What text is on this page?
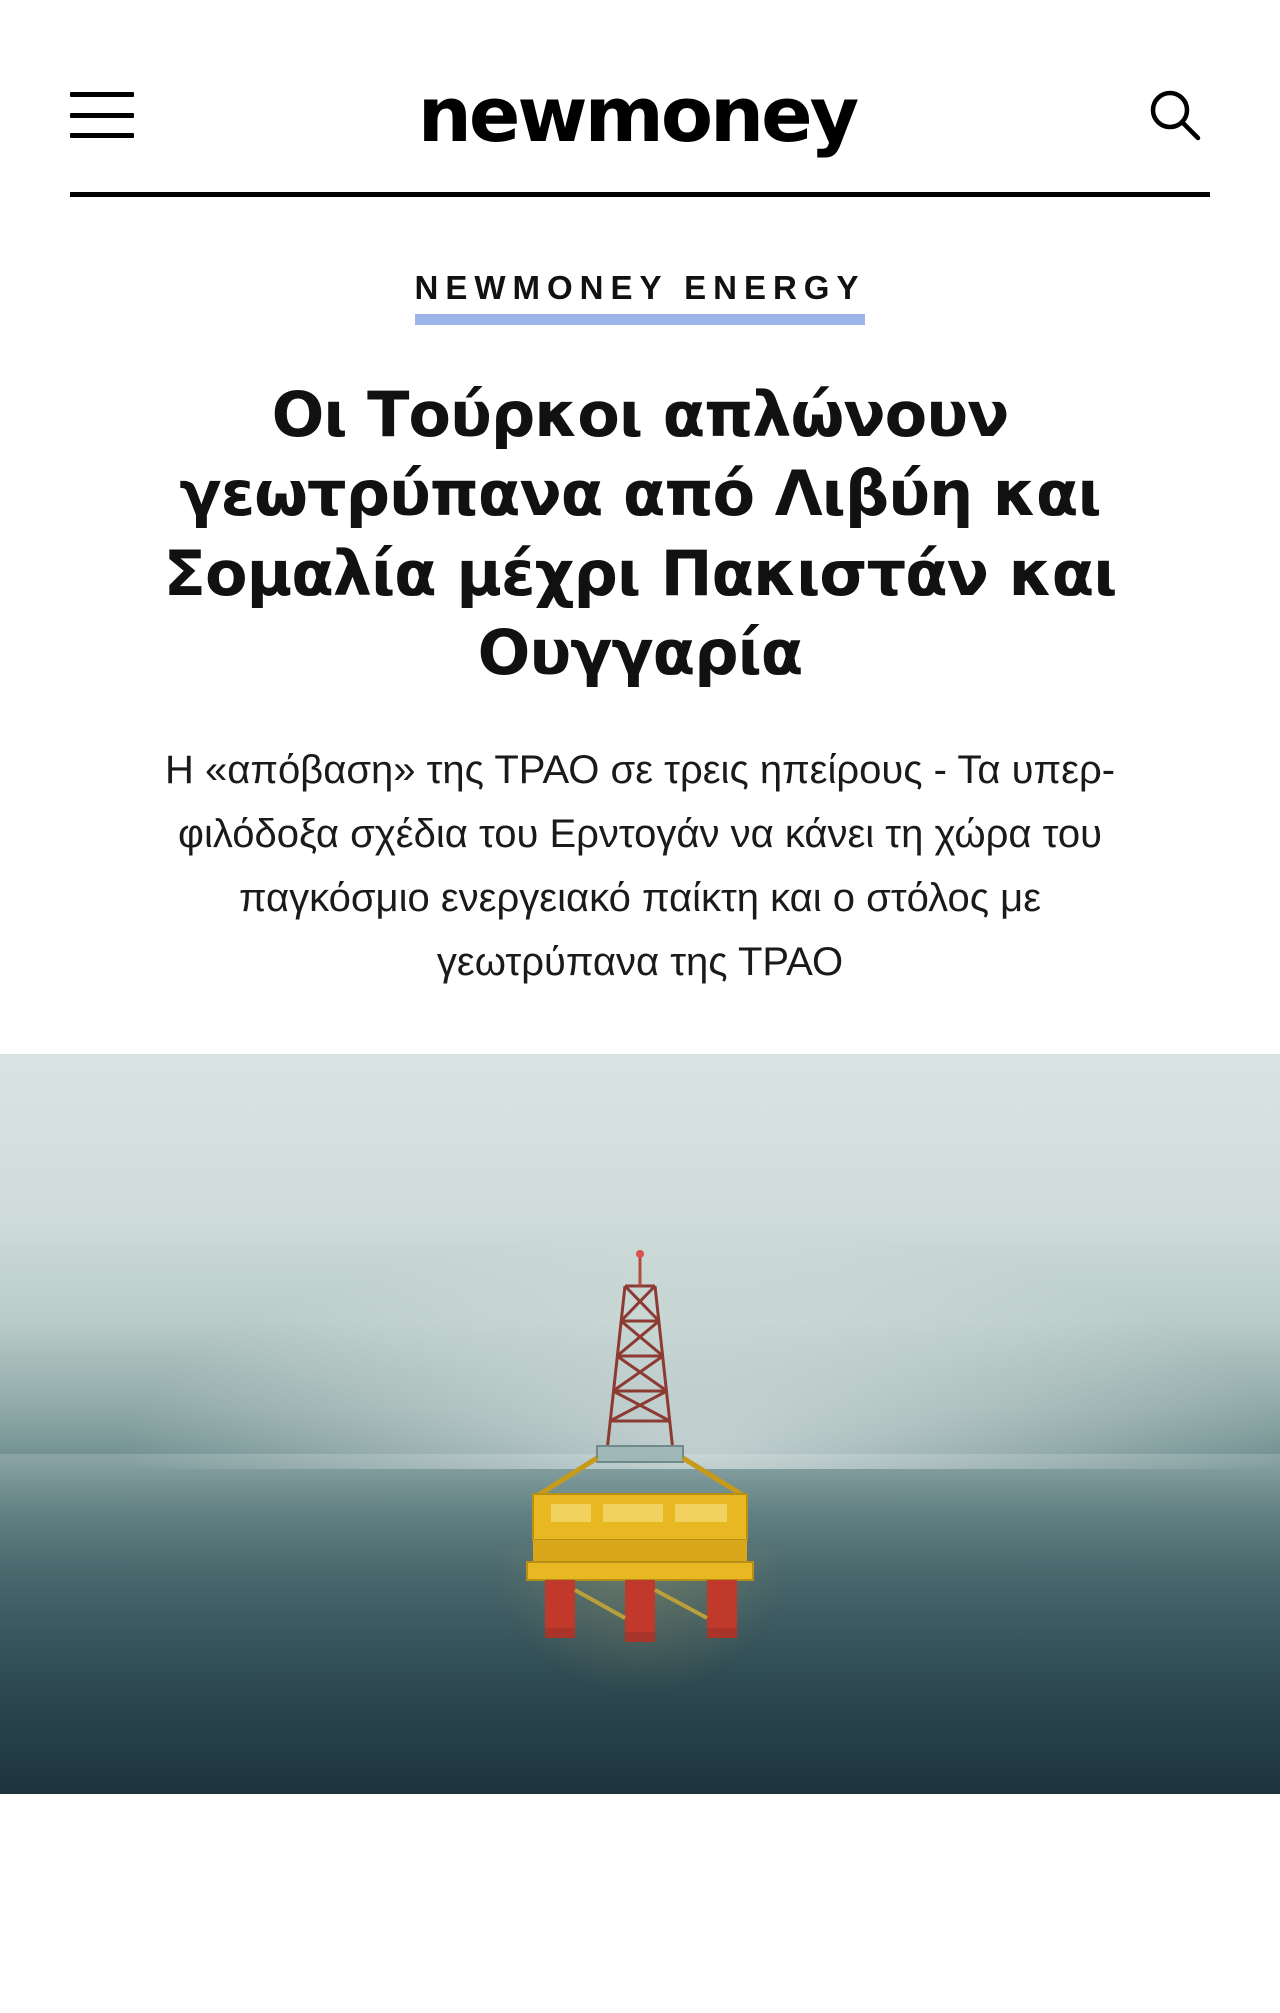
newmoney
NEWMONEY ENERGY
Οι Τούρκοι απλώνουν γεωτρύπανα από Λιβύη και Σομαλία μέχρι Πακιστάν και Ουγγαρία

Η «απόβαση» της ΤΡΑΟ σε τρεις ηπείρους - Τα υπερ-φιλόδοξα σχέδια του Ερντογάν να κάνει τη χώρα του παγκόσμιο ενεργειακό παίκτη και ο στόλος με γεωτρύπανα της ΤΡΑΟ
